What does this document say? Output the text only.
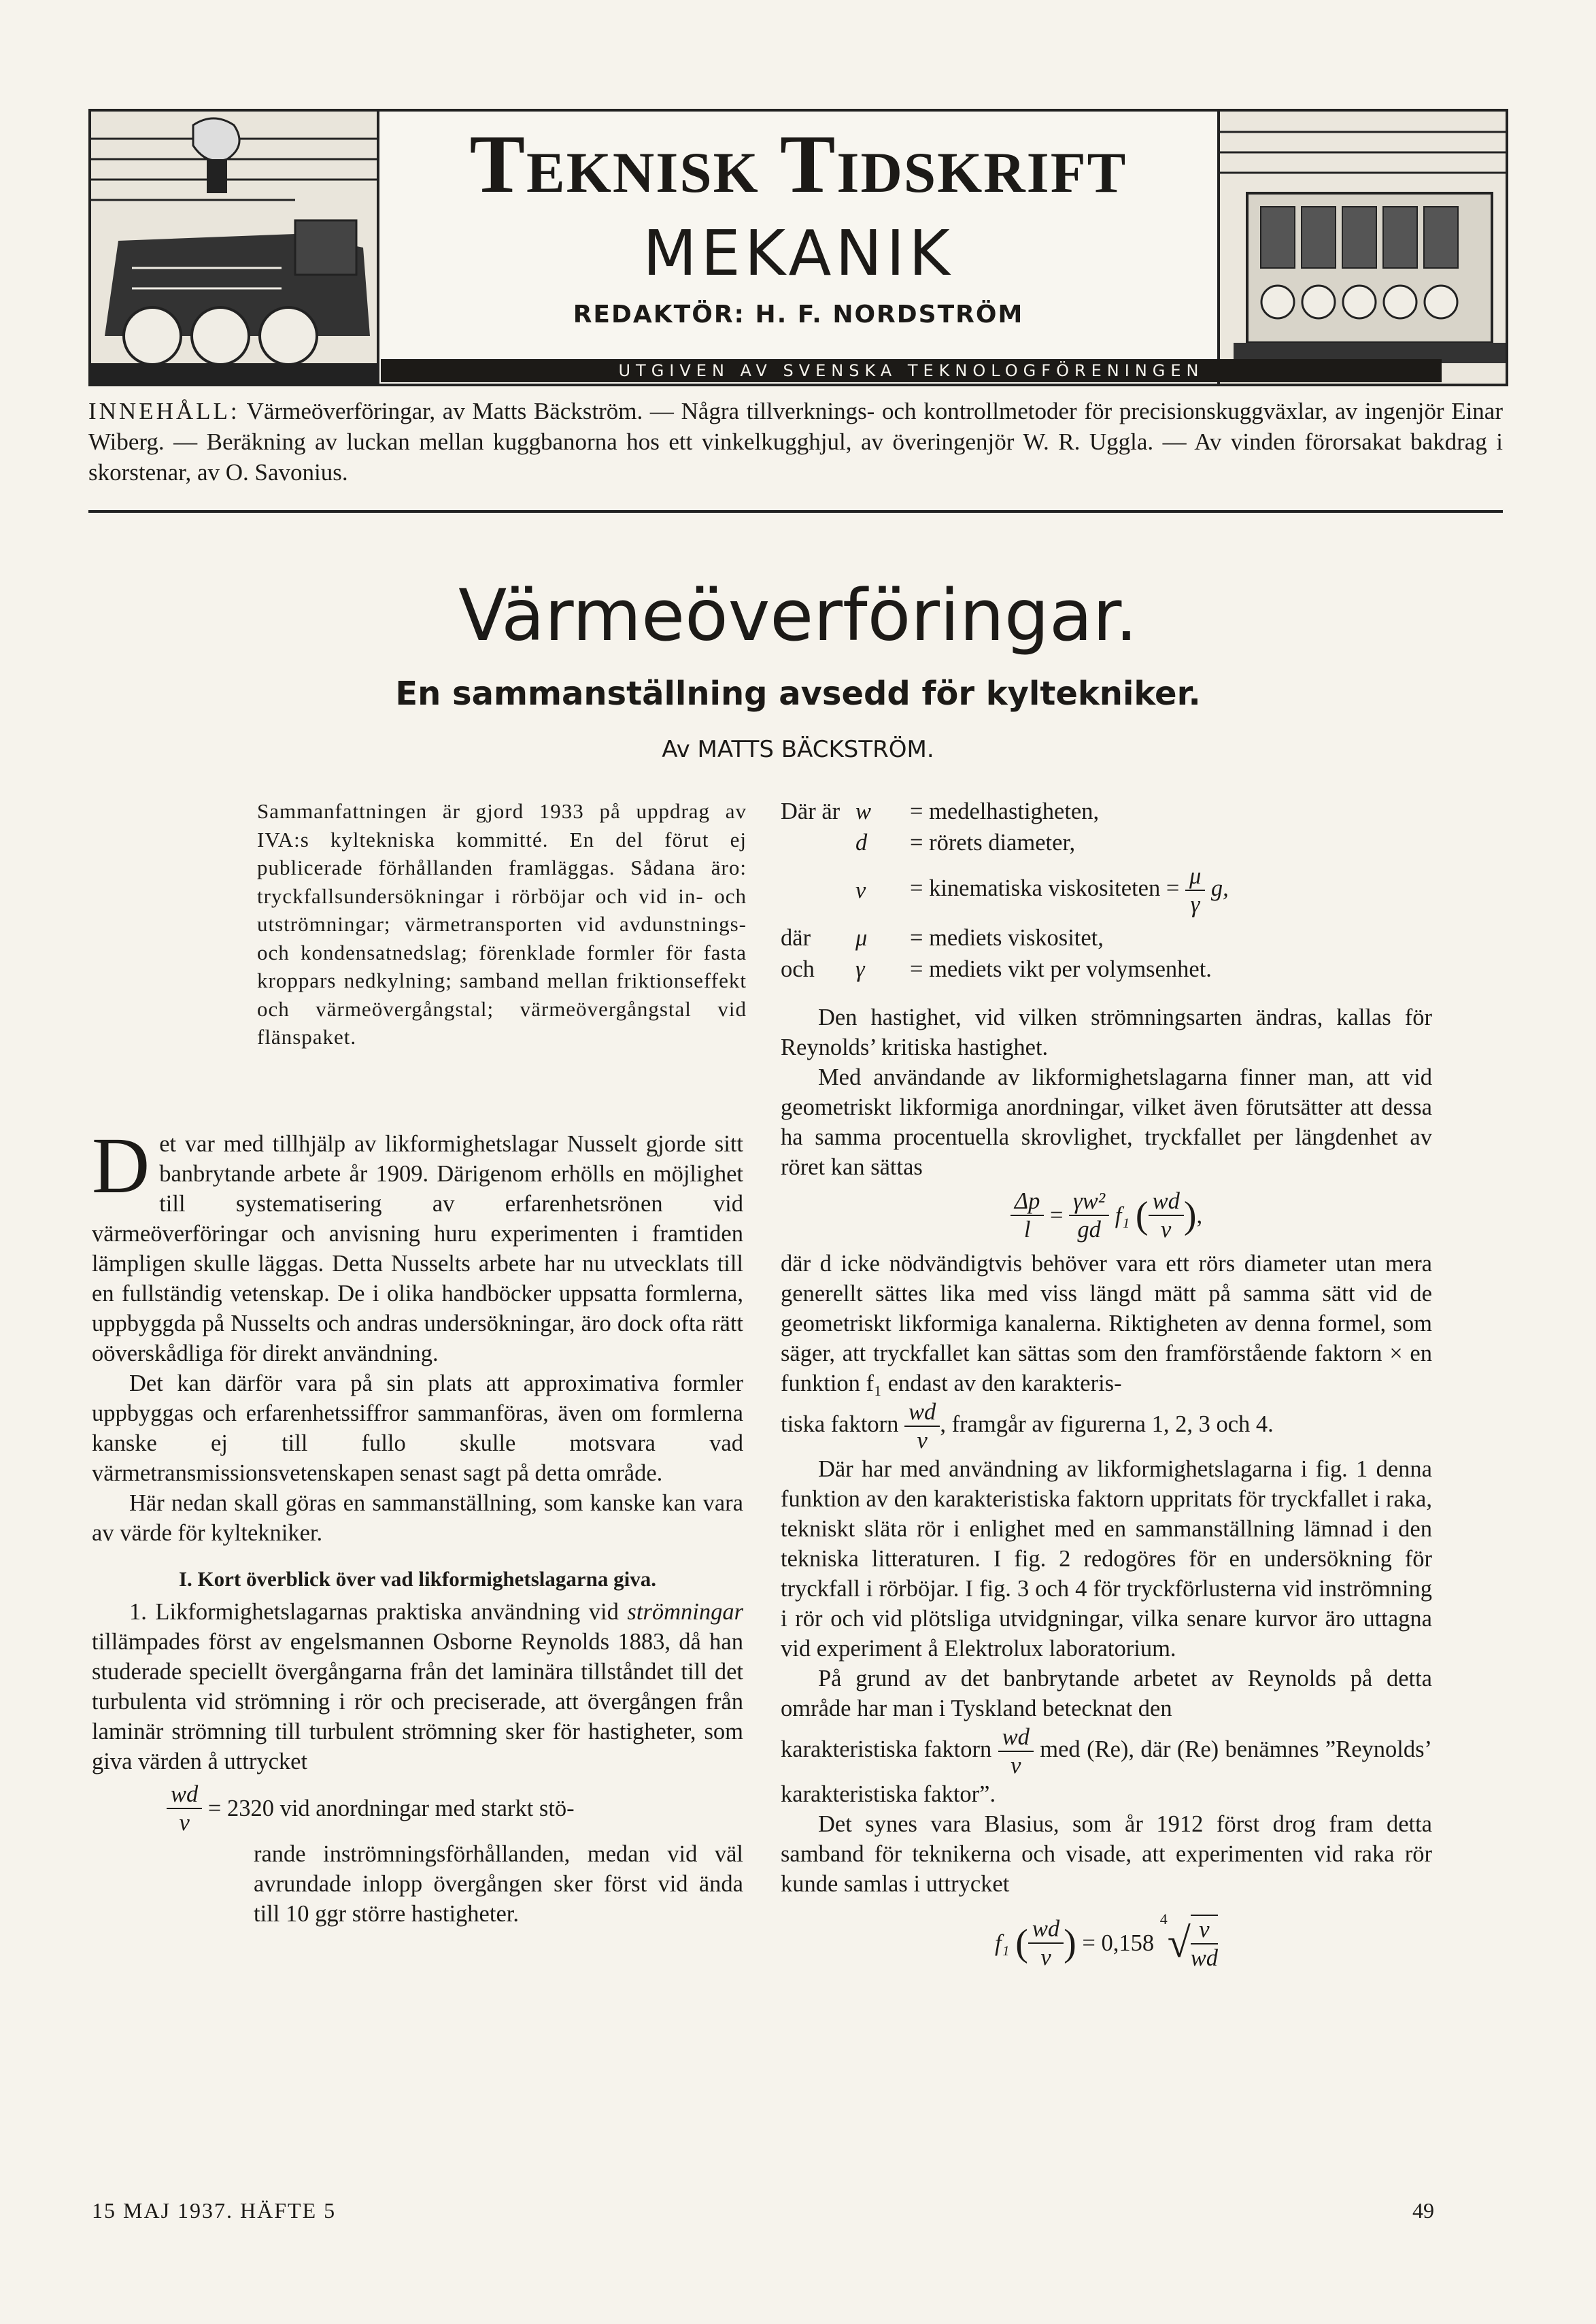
Teknisk Tidskrift
MEKANIK
REDAKTÖR: H. F. NORDSTRÖM
UTGIVEN AV SVENSKA TEKNOLOGFÖRENINGEN
INNEHÅLL: Värmeöverföringar, av Matts Bäckström. — Några tillverknings- och kontrollmetoder för precisionskuggväxlar, av ingenjör Einar Wiberg. — Beräkning av luckan mellan kuggbanorna hos ett vinkelkugghjul, av överingenjör W. R. Uggla. — Av vinden förorsakat bakdrag i skorstenar, av O. Savonius.
Värmeöverföringar.
En sammanställning avsedd för kyltekniker.
Av MATTS BÄCKSTRÖM.
Sammanfattningen är gjord 1933 på uppdrag av IVA:s kyltekniska kommitté. En del förut ej publicerade förhållanden framläggas. Sådana äro: tryckfallsundersökningar i rörböjar och vid in- och utströmningar; värmetransporten vid avdunstnings- och kondensatnedslag; förenklade formler för fasta kroppars nedkylning; samband mellan friktionseffekt och värmeövergångstal; värmeövergångstal vid flänspaket.

Det var med tillhjälp av likformighetslagar Nusselt gjorde sitt banbrytande arbete år 1909. Därigenom erhölls en möjlighet till systematisering av erfarenhetsrönen vid värmeöverföringar och anvisning huru experimenten i framtiden lämpligen skulle läggas. Detta Nusselts arbete har nu utvecklats till en fullständig vetenskap. De i olika handböcker uppsatta formlerna, uppbyggda på Nusselts och andras undersökningar, äro dock ofta rätt oöverskådliga för direkt användning.

Det kan därför vara på sin plats att approximativa formler uppbyggas och erfarenhetssiffror sammanföras, även om formlerna kanske ej till fullo skulle motsvara vad värmetransmissionsvetenskapen senast sagt på detta område.

Här nedan skall göras en sammanställning, som kanske kan vara av värde för kyltekniker.

I. Kort överblick över vad likformighetslagarna giva.

1. Likformighetslagarnas praktiska användning vid strömningar tillämpades först av engelsmannen Osborne Reynolds 1883, då han studerade speciellt övergångarna från det laminära tillståndet till det turbulenta vid strömning i rör och preciserade, att övergången från laminär strömning till turbulent strömning sker för hastigheter, som giva värden å uttrycket

$\frac{wd}{\nu} = 2320$ vid anordningar med starkt stö-

rande inströmningsförhållanden, medan vid väl avrundade inlopp övergången sker först vid ända till 10 ggr större hastigheter.

Där är	w	= medelhastigheten,
	d	= rörets diameter,
	ν	= kinematiska viskositeten = $\frac{\mu}{\gamma} g$,
där	μ	= mediets viskositet,
och	γ	= mediets vikt per volymsenhet.

Den hastighet, vid vilken strömningsarten ändras, kallas för Reynolds’ kritiska hastighet.

Med användande av likformighetslagarna finner man, att vid geometriskt likformiga anordningar, vilket även förutsätter att dessa ha samma procentuella skrovlighet, tryckfallet per längdenhet av röret kan sättas

$\frac{\Delta p}{l} = \frac{\text{γw²}}{gd} f_1$ ( $\frac{wd}{\nu}$ ),

där d icke nödvändigtvis behöver vara ett rörs diameter utan mera generellt sättes lika med viss längd mätt på samma sätt vid de geometriskt likformiga kanalerna. Riktigheten av denna formel, som säger, att tryckfallet kan sättas som den framförstående faktorn × en funktion f₁ endast av den karakteris-

tiska faktorn $\frac{wd}{\nu}$ , framgår av figurerna 1, 2, 3 och 4.

Där har med användning av likformighetslagarna i fig. 1 denna funktion av den karakteristiska faktorn uppritats för tryckfallet i raka, tekniskt släta rör i enlighet med en sammanställning lämnad i den tekniska litteraturen. I fig. 2 redogöres för en undersökning för tryckfall i rörböjar. I fig. 3 och 4 för tryckförlusterna vid inströmning i rör och vid plötsliga utvidgningar, vilka senare kurvor äro uttagna vid experiment å Elektrolux laboratorium.

På grund av det banbrytande arbetet av Reynolds på detta område har man i Tyskland betecknat den

karakteristiska faktorn $\frac{wd}{\nu}$ med (Re), där (Re) benämnes ”Reynolds’ karakteristiska faktor”.

Det synes vara Blasius, som år 1912 först drog fram detta samband för teknikerna och visade, att experimenten vid raka rör kunde samlas i uttrycket

f₁ ( $\frac{wd}{\nu}$ ) = 0,158 $^4√ \frac{\nu}{wd}$
15 MAJ 1937. HÄFTE 5	49
